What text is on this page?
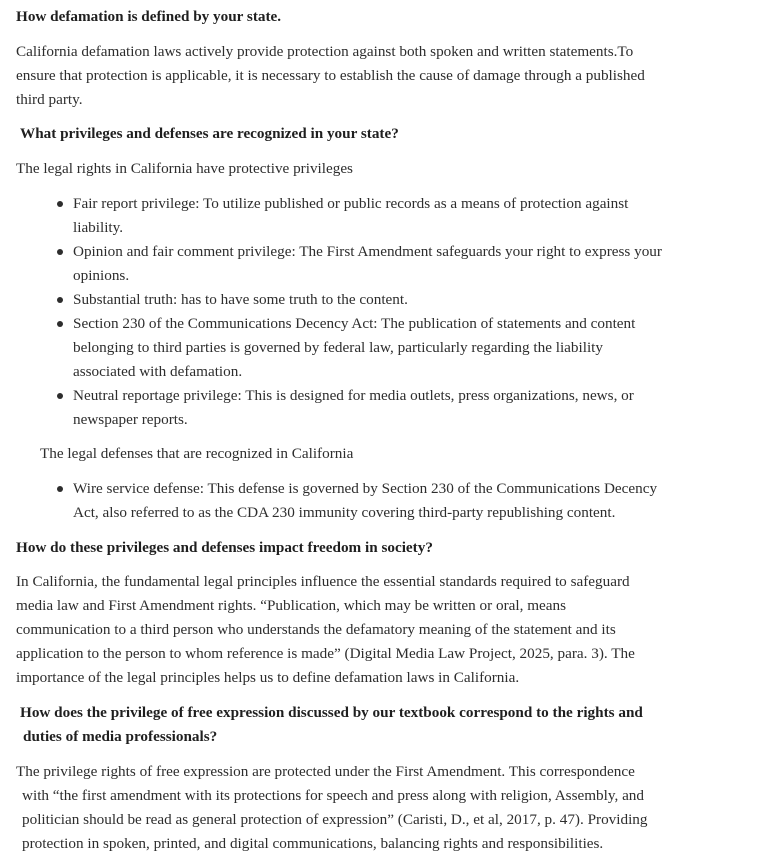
How defamation is defined by your state.
California defamation laws actively provide protection against both spoken and written statements.To
ensure that protection is applicable, it is necessary to establish the cause of damage through a published
third party.
What privileges and defenses are recognized in your state?
The legal rights in California have protective privileges
Fair report privilege: To utilize published or public records as a means of protection against
liability.
Opinion and fair comment privilege: The First Amendment safeguards your right to express your
opinions.
Substantial truth: has to have some truth to the content.
Section 230 of the Communications Decency Act: The publication of statements and content
belonging to third parties is governed by federal law, particularly regarding the liability
associated with defamation.
Neutral reportage privilege: This is designed for media outlets, press organizations, news, or
newspaper reports.
The legal defenses that are recognized in California
Wire service defense: This defense is governed by Section 230 of the Communications Decency
Act, also referred to as the CDA 230 immunity covering third-party republishing content.
How do these privileges and defenses impact freedom in society?
In California, the fundamental legal principles influence the essential standards required to safeguard
media law and First Amendment rights. “Publication, which may be written or oral, means
communication to a third person who understands the defamatory meaning of the statement and its
application to the person to whom reference is made” (Digital Media Law Project, 2025, para. 3). The
importance of the legal principles helps us to define defamation laws in California.
How does the privilege of free expression discussed by our textbook correspond to the rights and
duties of media professionals?
The privilege rights of free expression are protected under the First Amendment. This correspondence
with “the first amendment with its protections for speech and press along with religion, Assembly, and
politician should be read as general protection of expression” (Caristi, D., et al, 2017, p. 47). Providing
protection in spoken, printed, and digital communications, balancing rights and responsibilities.
